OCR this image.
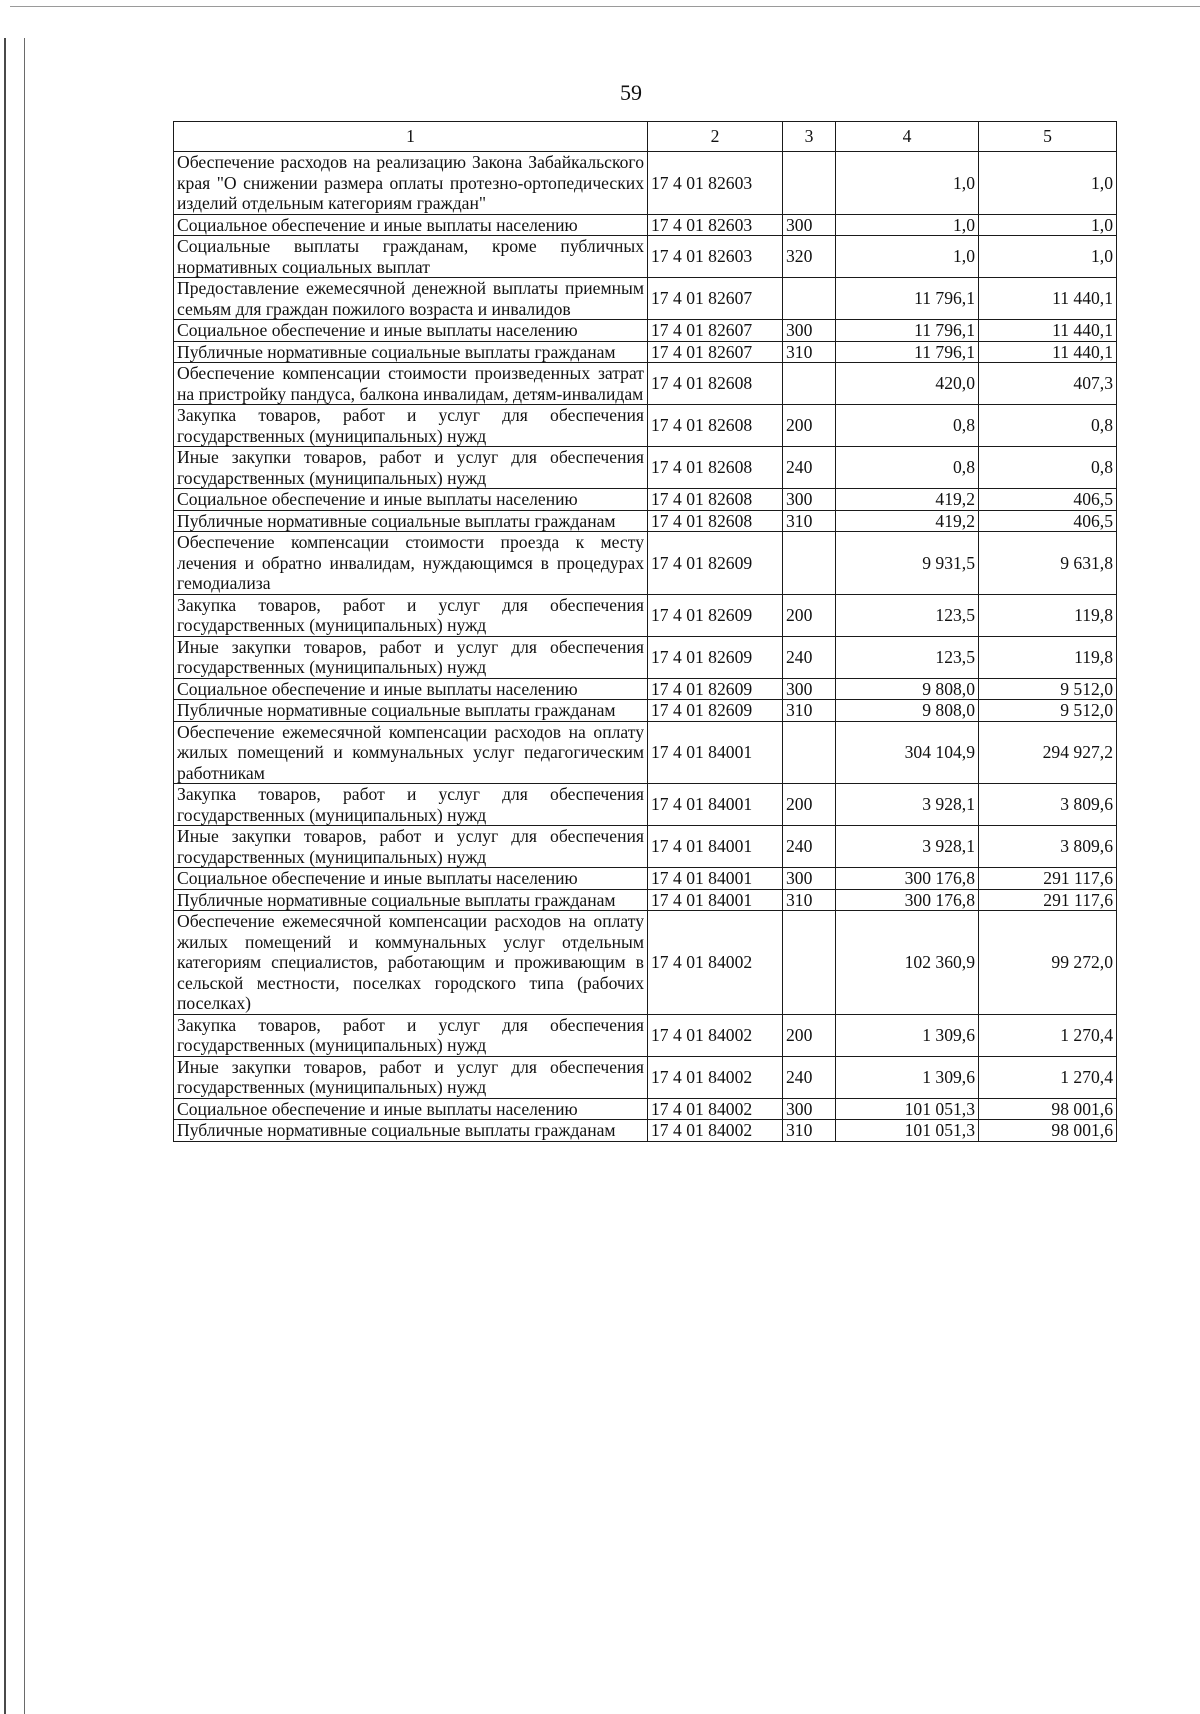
59
1	2	3	4	5
Обеспечение расходов на реализацию Закона Забайкальского края "О снижении размера оплаты протезно-ортопедических изделий отдельным категориям граждан"	17 4 01 82603		1,0	1,0
Социальное обеспечение и иные выплаты населению	17 4 01 82603	300	1,0	1,0
Социальные выплаты гражданам, кроме публичных нормативных социальных выплат	17 4 01 82603	320	1,0	1,0
Предоставление ежемесячной денежной выплаты приемным семьям для граждан пожилого возраста и инвалидов	17 4 01 82607		11 796,1	11 440,1
Социальное обеспечение и иные выплаты населению	17 4 01 82607	300	11 796,1	11 440,1
Публичные нормативные социальные выплаты гражданам	17 4 01 82607	310	11 796,1	11 440,1
Обеспечение компенсации стоимости произведенных затрат на пристройку пандуса, балкона инвалидам, детям-инвалидам	17 4 01 82608		420,0	407,3
Закупка товаров, работ и услуг для обеспечения государственных (муниципальных) нужд	17 4 01 82608	200	0,8	0,8
Иные закупки товаров, работ и услуг для обеспечения государственных (муниципальных) нужд	17 4 01 82608	240	0,8	0,8
Социальное обеспечение и иные выплаты населению	17 4 01 82608	300	419,2	406,5
Публичные нормативные социальные выплаты гражданам	17 4 01 82608	310	419,2	406,5
Обеспечение компенсации стоимости проезда к месту лечения и обратно инвалидам, нуждающимся в процедурах гемодиализа	17 4 01 82609		9 931,5	9 631,8
Закупка товаров, работ и услуг для обеспечения государственных (муниципальных) нужд	17 4 01 82609	200	123,5	119,8
Иные закупки товаров, работ и услуг для обеспечения государственных (муниципальных) нужд	17 4 01 82609	240	123,5	119,8
Социальное обеспечение и иные выплаты населению	17 4 01 82609	300	9 808,0	9 512,0
Публичные нормативные социальные выплаты гражданам	17 4 01 82609	310	9 808,0	9 512,0
Обеспечение ежемесячной компенсации расходов на оплату жилых помещений и коммунальных услуг педагогическим работникам	17 4 01 84001		304 104,9	294 927,2
Закупка товаров, работ и услуг для обеспечения государственных (муниципальных) нужд	17 4 01 84001	200	3 928,1	3 809,6
Иные закупки товаров, работ и услуг для обеспечения государственных (муниципальных) нужд	17 4 01 84001	240	3 928,1	3 809,6
Социальное обеспечение и иные выплаты населению	17 4 01 84001	300	300 176,8	291 117,6
Публичные нормативные социальные выплаты гражданам	17 4 01 84001	310	300 176,8	291 117,6
Обеспечение ежемесячной компенсации расходов на оплату жилых помещений и коммунальных услуг отдельным категориям специалистов, работающим и проживающим в сельской местности, поселках городского типа (рабочих поселках)	17 4 01 84002		102 360,9	99 272,0
Закупка товаров, работ и услуг для обеспечения государственных (муниципальных) нужд	17 4 01 84002	200	1 309,6	1 270,4
Иные закупки товаров, работ и услуг для обеспечения государственных (муниципальных) нужд	17 4 01 84002	240	1 309,6	1 270,4
Социальное обеспечение и иные выплаты населению	17 4 01 84002	300	101 051,3	98 001,6
Публичные нормативные социальные выплаты гражданам	17 4 01 84002	310	101 051,3	98 001,6
